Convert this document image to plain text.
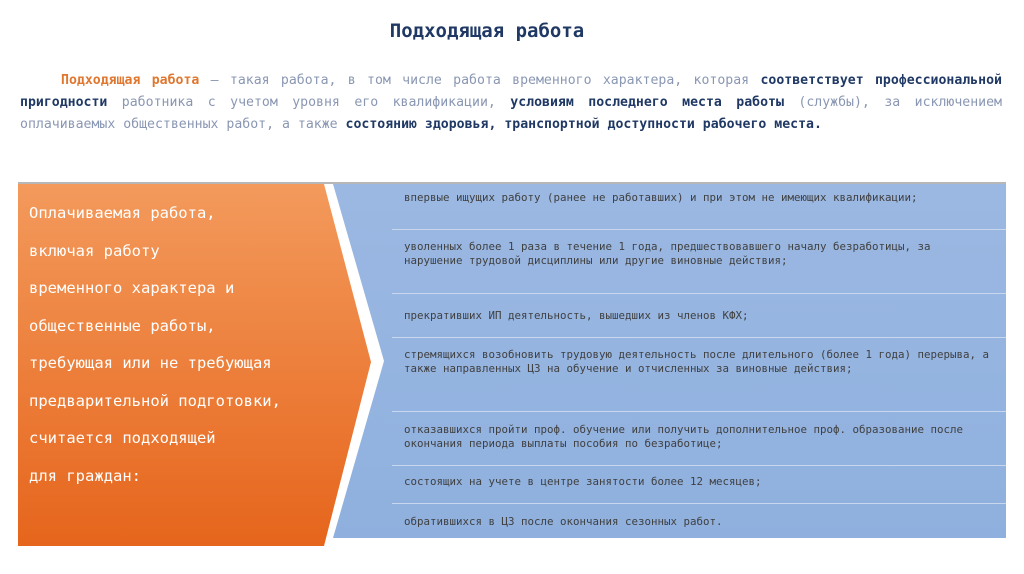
Подходящая работа
Подходящая работа – такая работа, в том числе работа временного характера, которая соответствует профессиональной пригодности работника с учетом уровня его квалификации, условиям последнего места работы (службы), за исключением оплачиваемых общественных работ, а также состоянию здоровья, транспортной доступности рабочего места.
Оплачиваемая работа,
включая работу
временного характера и
общественные работы,
требующая или не требующая
предварительной подготовки,
считается подходящей
для граждан:
впервые ищущих работу (ранее не работавших) и при этом не имеющих квалификации;
уволенных более 1 раза в течение 1 года, предшествовавшего началу безработицы, за нарушение трудовой дисциплины или другие виновные действия;
прекративших ИП деятельность, вышедших из членов КФХ;
стремящихся возобновить трудовую деятельность после длительного (более 1 года) перерыва, а также направленных ЦЗ на обучение и отчисленных за виновные действия;
отказавшихся пройти проф. обучение или получить дополнительное проф. образование после окончания периода выплаты пособия по безработице;
состоящих на учете в центре занятости более 12 месяцев;
обратившихся в ЦЗ после окончания сезонных работ.
